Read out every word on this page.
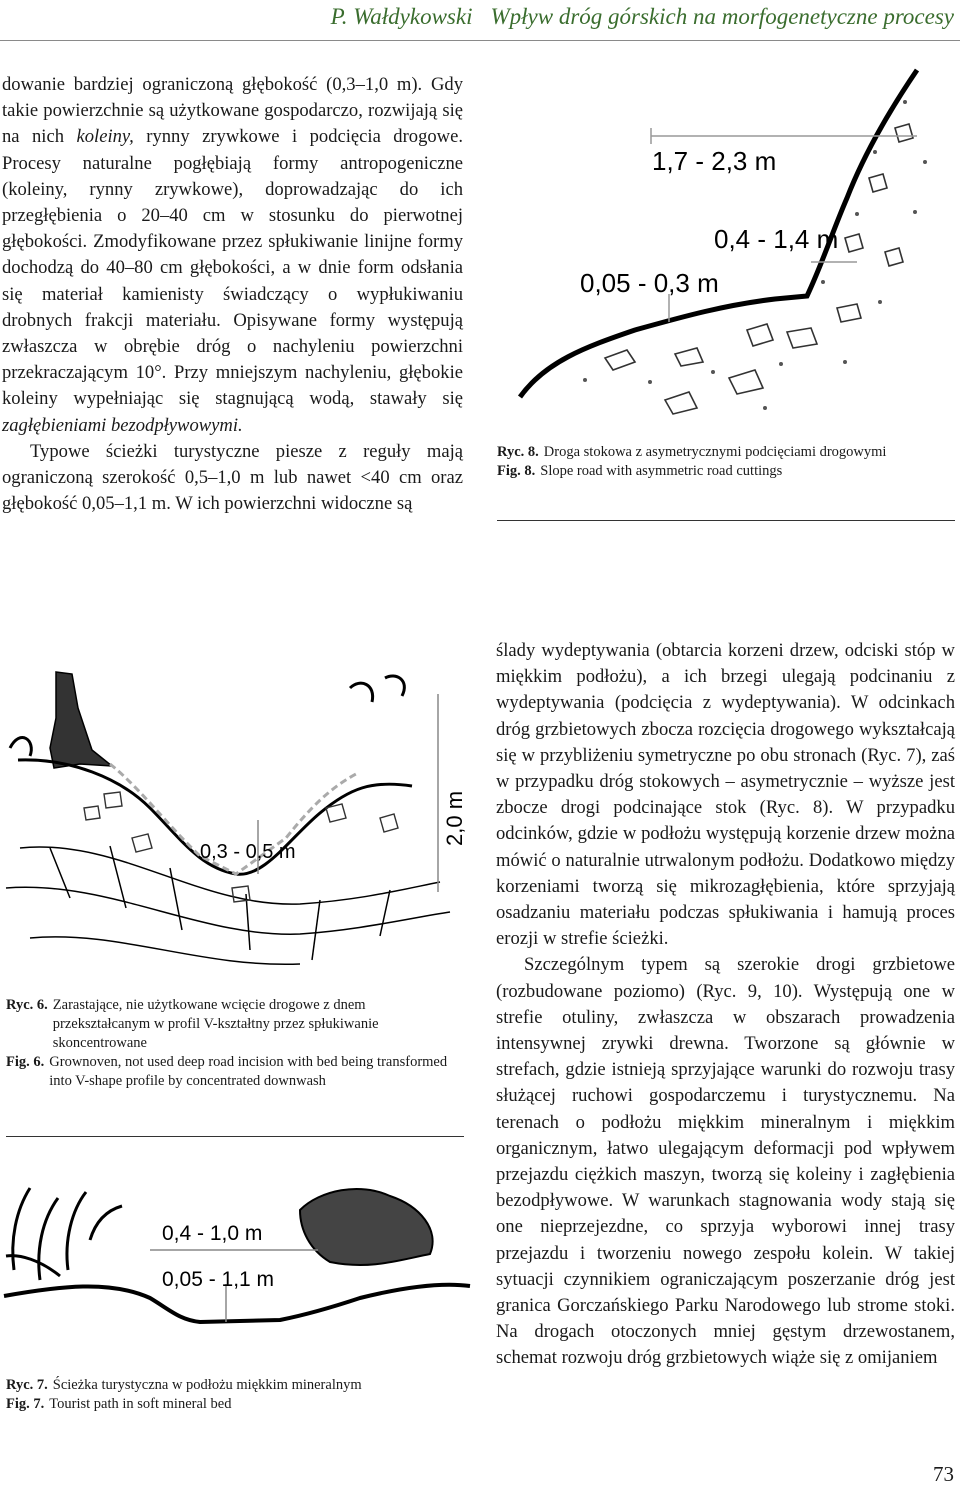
P. Wałdykowski Wpływ dróg górskich na morfogenetyczne procesy

dowanie bardziej ograniczoną głębokość (0,3–1,0 m). Gdy takie powierzchnie są użytkowane gospodarczo, rozwijają się na nich koleiny, rynny zrywkowe i podcięcia drogowe. Procesy naturalne pogłębiają formy antropogeniczne (koleiny, rynny zrywkowe), doprowadzając do ich przegłębienia o 20–40 cm w stosunku do pierwotnej głębokości. Zmodyfikowane przez spłukiwanie linijne formy dochodzą do 40–80 cm głębokości, a w dnie form odsłania się materiał kamienisty świadczący o wypłukiwaniu drobnych frakcji materiału. Opisywane formy występują zwłaszcza w obrębie dróg o nachyleniu powierzchni przekraczającym 10°. Przy mniejszym nachyleniu, głębokie koleiny wypełniając się stagnującą wodą, stawały się zagłębieniami bezodpływowymi.

Typowe ścieżki turystyczne piesze z reguły mają ograniczoną szerokość 0,5–1,0 m lub nawet <40 cm oraz głębokość 0,05–1,1 m. W ich powierzchni widoczne są

1,7 - 2,3 m
0,4 - 1,4 m
0,05 - 0,3 m
Ryc. 8. Droga stokowa z asymetrycznymi podcięciami drogowymi
Fig. 8. Slope road with asymmetric road cuttings
0,3 - 0,5 m
2,0 m
Ryc. 6. Zarastające, nie użytkowane wcięcie drogowe z dnem przekształcanym w profil V-kształtny przez spłukiwanie skoncentrowane
Fig. 6. Grownoven, not used deep road incision with bed being transformed into V-shape profile by concentrated downwash
0,4 - 1,0 m
0,05 - 1,1 m
Ryc. 7. Ścieżka turystyczna w podłożu miękkim mineralnym
Fig. 7. Tourist path in soft mineral bed

ślady wydeptywania (obtarcia korzeni drzew, odciski stóp w miękkim podłożu), a ich brzegi ulegają podcinaniu z wydeptywania (podcięcia z wydeptywania). W odcinkach dróg grzbietowych zbocza rozcięcia drogowego wykształcają się w przybliżeniu symetryczne po obu stronach (Ryc. 7), zaś w przypadku dróg stokowych – asymetrycznie – wyższe jest zbocze drogi podcinające stok (Ryc. 8). W przypadku odcinków, gdzie w podłożu występują korzenie drzew można mówić o naturalnie utrwalonym podłożu. Dodatkowo między korzeniami tworzą się mikrozagłębienia, które sprzyjają osadzaniu materiału podczas spłukiwania i hamują proces erozji w strefie ścieżki.

Szczególnym typem są szerokie drogi grzbietowe (rozbudowane poziomo) (Ryc. 9, 10). Występują one w strefie otuliny, zwłaszcza w obszarach prowadzenia intensywnej zrywki drewna. Tworzone są głównie w strefach, gdzie istnieją sprzyjające warunki do rozwoju trasy służącej ruchowi gospodarczemu i turystycznemu. Na terenach o podłożu miękkim mineralnym i miękkim organicznym, łatwo ulegającym deformacji pod wpływem przejazdu ciężkich maszyn, tworzą się koleiny i zagłębienia bezodpływowe. W warunkach stagnowania wody stają się one nieprzejezdne, co sprzyja wyborowi innej trasy przejazdu i tworzeniu nowego zespołu kolein. W takiej sytuacji czynnikiem ograniczającym poszerzanie dróg jest granica Gorczańskiego Parku Narodowego lub strome stoki. Na drogach otoczonych mniej gęstym drzewostanem, schemat rozwoju dróg grzbietowych wiąże się z omijaniem

73
